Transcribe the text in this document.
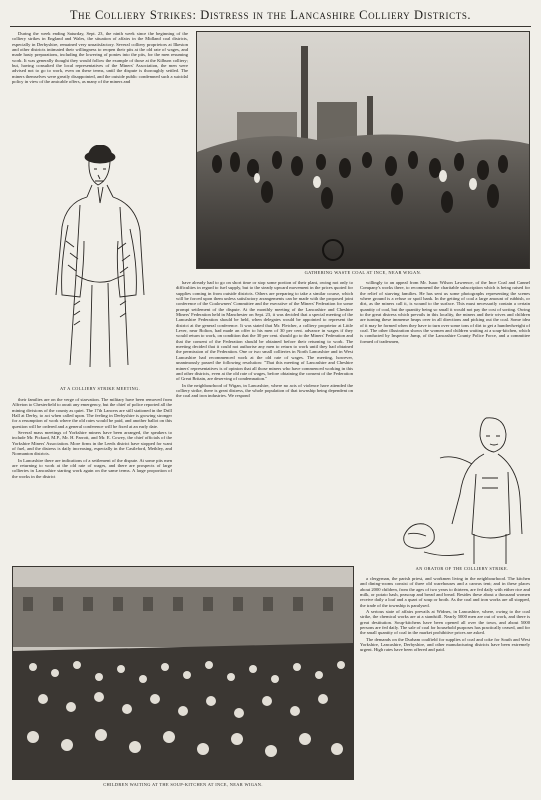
The Colliery Strikes: Distress in the Lancashire Colliery Districts.

During the week ending Saturday, Sept. 23, the ninth week since the beginning of the colliery strikes in England and Wales, the situation of affairs in the Midland coal districts, especially in Derbyshire, remained very unsatisfactory. Several colliery proprietors at Ilkeston and other districts intimated their willingness to reopen their pits at the old rate of wages, and made hasty preparations, including the lowering of ponies into the pits, for the men resuming work. It was generally thought they would follow the example of those at the Kilburn colliery; but, having consulted the local representatives of the Miners' Association, the men were advised not to go to work, even on these terms, until the dispute is thoroughly settled. The miners themselves were greatly disappointed, and the outside public condemned such a suicidal policy in view of the amicable offers, as many of the miners and

AT A COLLIERY STRIKE MEETING.

their families are on the verge of starvation. The military have been removed from Alfreton to Chesterfield to await any emergency, but the chief of police reported all the mining divisions of the county as quiet. The 17th Lancers are still stationed in the Drill Hall at Derby, to act when called upon. The feeling in Derbyshire is growing stronger for a resumption of work where the old rates would be paid, and another ballot on this question will be ordered and a general conference will be fixed at an early date.

Several mass meetings of Yorkshire miners have been arranged, the speakers to include Mr. Pickard, M.P., Mr. H. Parrott, and Mr. E. Cowey, the chief officials of the Yorkshire Miners' Association. More firms in the Leeds district have stopped for want of fuel, and the distress is daily increasing, especially in the Castleford, Methley, and Normanton districts.

In Lancashire there are indications of a settlement of the dispute. At some pits men are returning to work at the old rate of wages, and there are prospects of large collieries in Lancashire starting work again on the same terms. A large proportion of the works in the district

GATHERING WASTE COAL AT INCE, NEAR WIGAN.

have already had to go on short time or stop some portion of their plant, owing not only to difficulties in regard to fuel supply, but to the steady upward movement in the prices quoted for supplies coming in from outside districts. Others are preparing to take a similar course, which will be forced upon them unless satisfactory arrangements can be made with the proposed joint conference of the Coalowners' Committee and the executive of the Miners' Federation for some prompt settlement of the dispute. At the monthly meeting of the Lancashire and Cheshire Miners' Federation held in Manchester on Sept. 23, it was decided that a special meeting of the Lancashire Federation should be held, when delegates would be appointed to represent the district at the general conference. It was stated that Mr. Fletcher, a colliery proprietor at Little Lever, near Bolton, had made an offer to his men of 30 per cent. advance in wages if they would return to work, on condition that the 30 per cent. should go to the Miners' Federation and that the consent of the Federation should be obtained before their returning to work. The meeting decided that it could not authorise any men to return to work until they had obtained the permission of the Federation. One or two small collieries in North Lancashire and in West Lancashire had recommenced work at the old rate of wages. The meeting, however, unanimously passed the following resolution: "That this meeting of Lancashire and Cheshire miners' representatives is of opinion that all those miners who have commenced working in this and other districts, even at the old rate of wages, before obtaining the consent of the Federation of Great Britain, are deserving of condemnation."

In the neighbourhood of Wigan, in Lancashire, where no acts of violence have attended the colliery strike, there is great distress, the whole population of that township being dependent on the coal and iron industries. We respond

willingly to an appeal from Mr. Isaac Wilson Lawrence, of the Ince Coal and Cannel Company's works there, to recommend the charitable subscription which is being raised for the relief of starving families. He has sent us some photographs representing the scenes where ground is a refuse or spoil bank. In the getting of coal a large amount of rubbish, or dirt, as the miners call it, is wound to the surface. This must necessarily contain a certain quantity of coal, but the quantity being so small it would not pay the cost of sorting. Owing to the great distress which prevails in this locality, the miners and their wives and children are turning these immense heaps over in all directions and picking out the coal. Some idea of it may be formed when they have to turn over some tons of dirt to get a hundredweight of coal. The other illustration shows the women and children waiting at a soup-kitchen, which is conducted by Inspector Jump, of the Lancashire County Police Force, and a committee formed of tradesmen,

AN ORATOR OF THE COLLIERY STRIKE.
CHILDREN WAITING AT THE SOUP-KITCHEN AT INCE, NEAR WIGAN.

a clergyman, the parish priest, and workmen living in the neighbourhood. The kitchen and dining-rooms consist of three old warehouses and a canvas tent; and in these places about 2000 children, from the ages of two years to thirteen, are fed daily with either rice and milk, or potato hash, peasoup and bread and bread. Besides these about a thousand women receive daily a loaf and a quart of soup or broth. As the coal and iron works are all stopped, the trade of the township is paralysed.

A serious state of affairs prevails at Widnes, in Lancashire, where, owing to the coal strike, the chemical works are at a standstill. Nearly 5000 men are out of work, and there is great destitution. Soup-kitchens have been opened all over the town, and about 5000 persons are fed daily. The sale of coal for household purposes has practically ceased, and for the small quantity of coal in the market prohibitive prices are asked.

The demands on the Durham coalfield for supplies of coal and coke for South and West Yorkshire, Lancashire, Derbyshire, and other manufacturing districts have been extremely urgent. High rates have been offered and paid.
